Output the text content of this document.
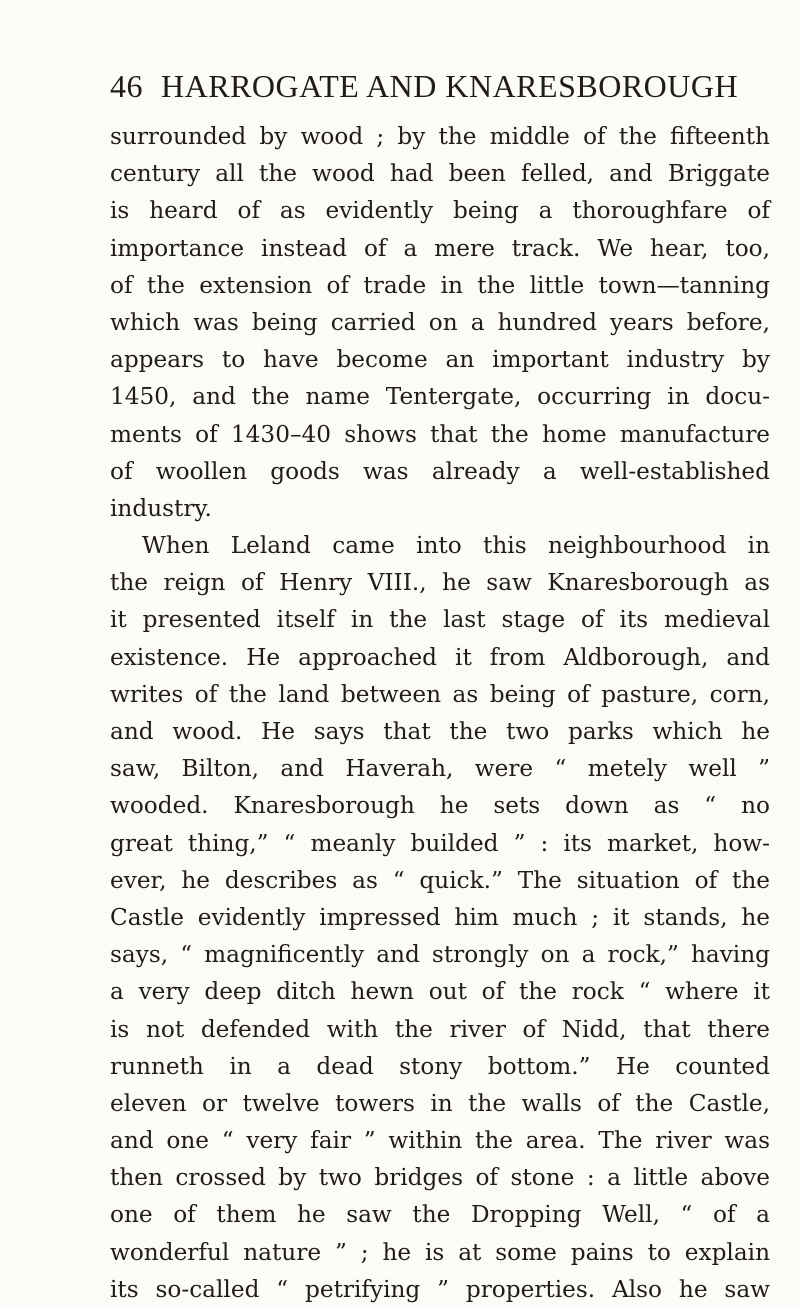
46 HARROGATE AND KNARESBOROUGH
surrounded by wood ; by the middle of the fifteenth
century all the wood had been felled, and Briggate
is heard of as evidently being a thoroughfare of
importance instead of a mere track. We hear, too,
of the extension of trade in the little town—tanning
which was being carried on a hundred years before,
appears to have become an important industry by
1450, and the name Tentergate, occurring in docu-
ments of 1430–40 shows that the home manufacture
of woollen goods was already a well-established
industry.
When Leland came into this neighbourhood in
the reign of Henry VIII., he saw Knaresborough as
it presented itself in the last stage of its medieval
existence. He approached it from Aldborough, and
writes of the land between as being of pasture, corn,
and wood. He says that the two parks which he
saw, Bilton, and Haverah, were “ metely well ”
wooded. Knaresborough he sets down as “ no
great thing,” “ meanly builded ” : its market, how-
ever, he describes as “ quick.” The situation of the
Castle evidently impressed him much ; it stands, he
says, “ magnificently and strongly on a rock,” having
a very deep ditch hewn out of the rock “ where it
is not defended with the river of Nidd, that there
runneth in a dead stony bottom.” He counted
eleven or twelve towers in the walls of the Castle,
and one “ very fair ” within the area. The river was
then crossed by two bridges of stone : a little above
one of them he saw the Dropping Well, “ of a
wonderful nature ” ; he is at some pains to explain
its so-called “ petrifying ” properties. Also he saw
